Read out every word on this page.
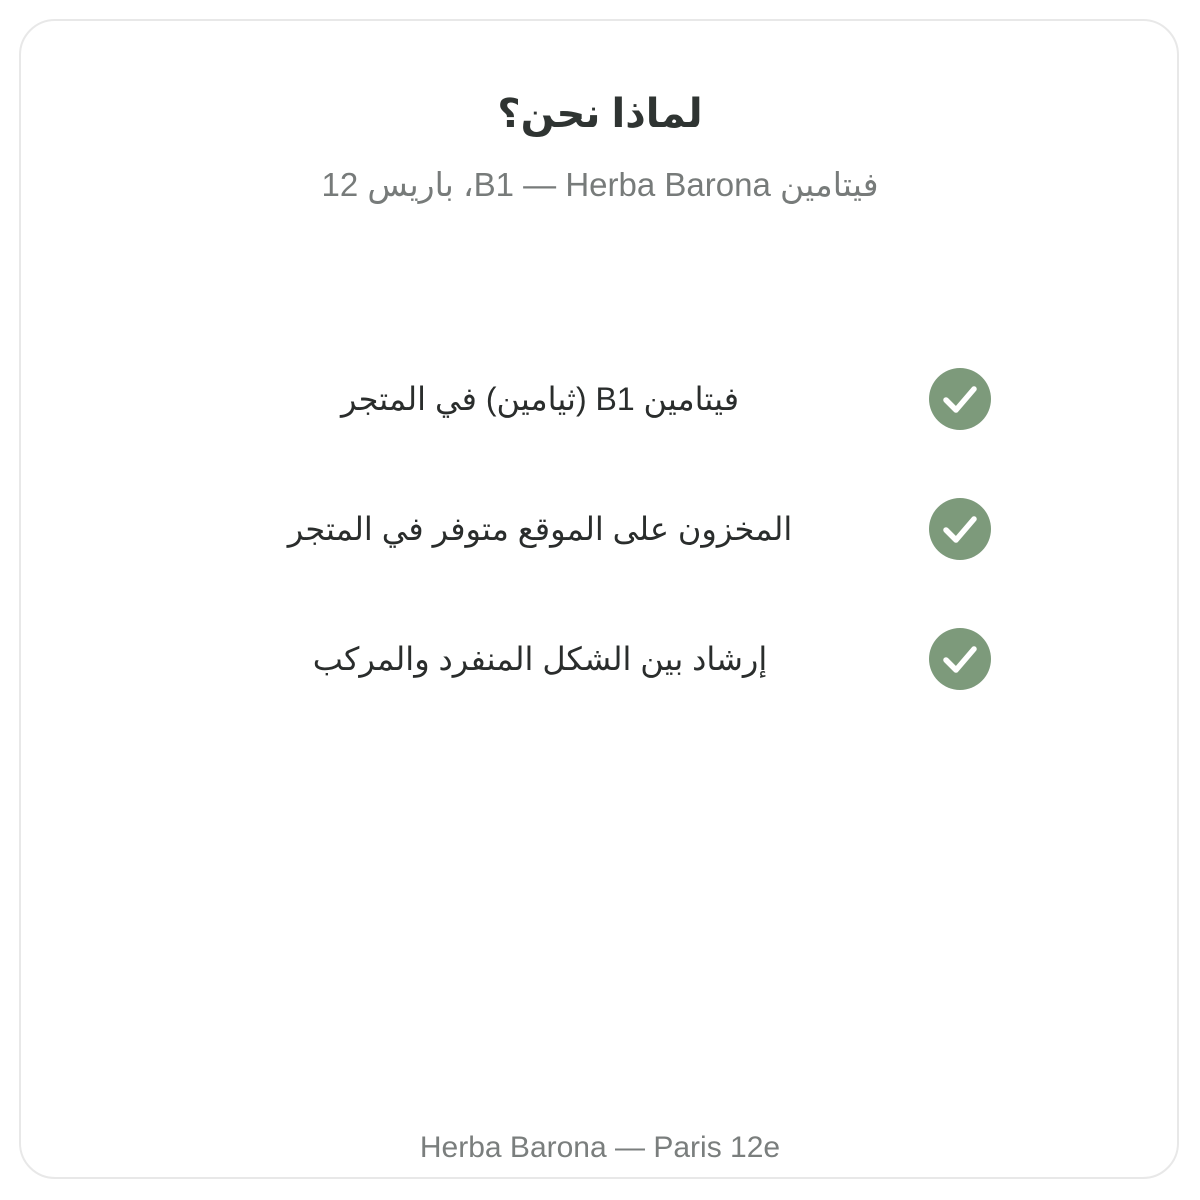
لماذا نحن؟
فيتامين B1 — Herba Barona، باريس 12
فيتامين B1 (ثيامين) في المتجر
المخزون على الموقع متوفر في المتجر
إرشاد بين الشكل المنفرد والمركب
Herba Barona — Paris 12e
